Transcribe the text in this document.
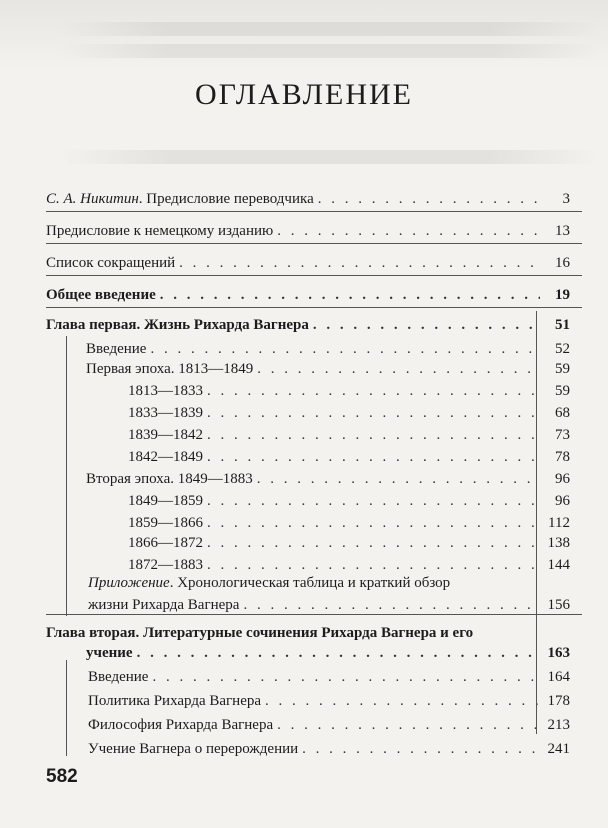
ОГЛАВЛЕНИЕ
С. А. Никитин. Предисловие переводчика . . .	3
Предисловие к немецкому изданию . . .	13
Список сокращений . . .	16
Общее введение . . .	19
Глава первая. Жизнь Рихарда Вагнера . . .	51
Введение . . .	52
Первая эпоха. 1813—1849 . . .	59
1813—1833 . . .	59
1833—1839 . . .	68
1839—1842 . . .	73
1842—1849 . . .	78
Вторая эпоха. 1849—1883 . . .	96
1849—1859 . . .	96
1859—1866 . . .	112
1866—1872 . . .	138
1872—1883 . . .	144
Приложение. Хронологическая таблица и краткий обзор
жизни Рихарда Вагнера . . .	156
Глава вторая. Литературные сочинения Рихарда Вагнера и его
учение . . .	163
Введение . . .	164
Политика Рихарда Вагнера . . .	178
Философия Рихарда Вагнера . . .	213
Учение Вагнера о перерождении . . .	241
582
